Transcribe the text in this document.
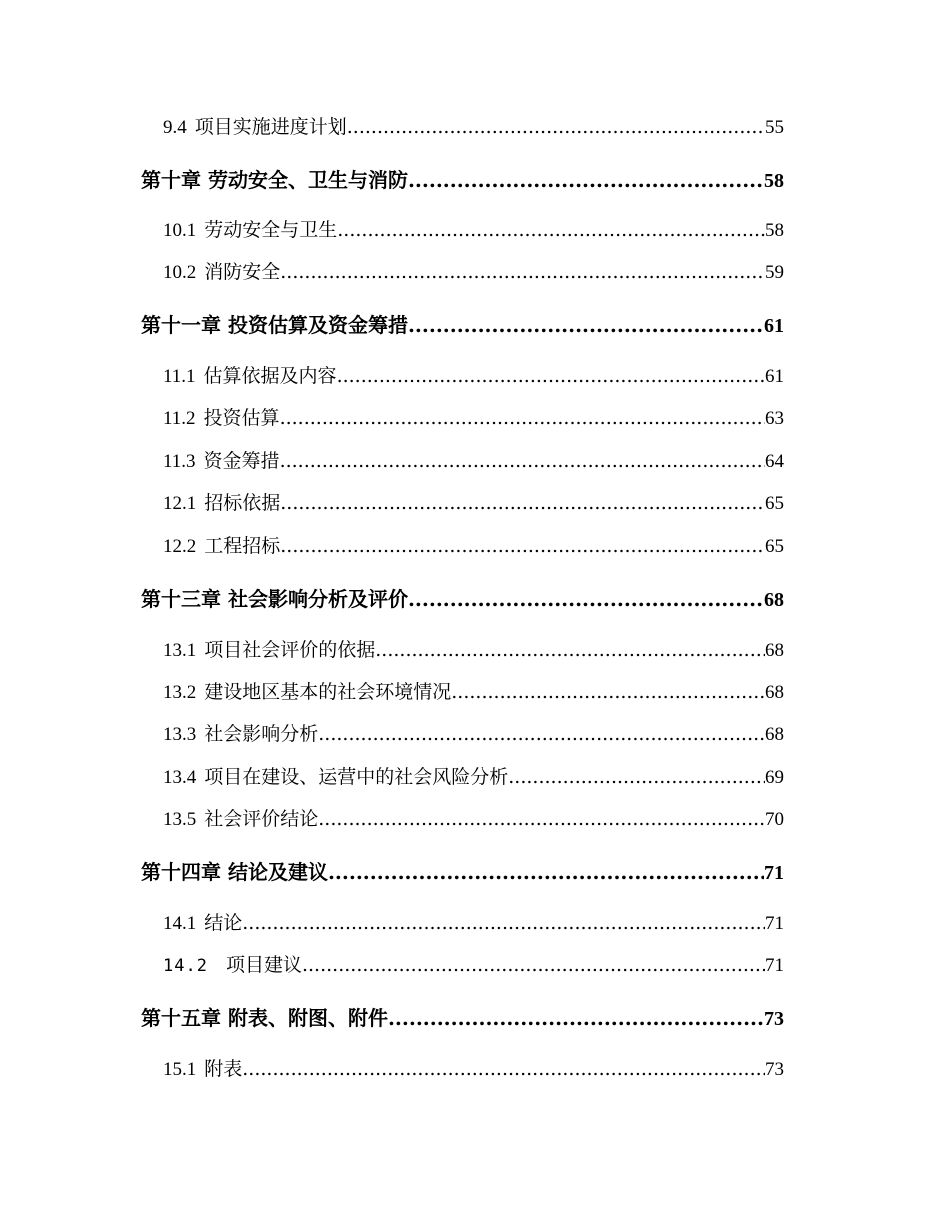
9.4 项目实施进度计划 .....	55
第十章 劳动安全、卫生与消防 .....	58
10.1 劳动安全与卫生 .....	58
10.2 消防安全 .....	59
第十一章 投资估算及资金筹措 .....	61
11.1 估算依据及内容 .....	61
11.2 投资估算 .....	63
11.3 资金筹措 .....	64
12.1 招标依据 .....	65
12.2 工程招标 .....	65
第十三章 社会影响分析及评价 .....	68
13.1 项目社会评价的依据 .....	68
13.2 建设地区基本的社会环境情况 .....	68
13.3 社会影响分析 .....	68
13.4 项目在建设、运营中的社会风险分析 .....	69
13.5 社会评价结论 .....	70
第十四章 结论及建议 .....	71
14.1 结论 .....	71
14.2 项目建议 .....	71
第十五章 附表、附图、附件 .....	73
15.1 附表 .....	73
